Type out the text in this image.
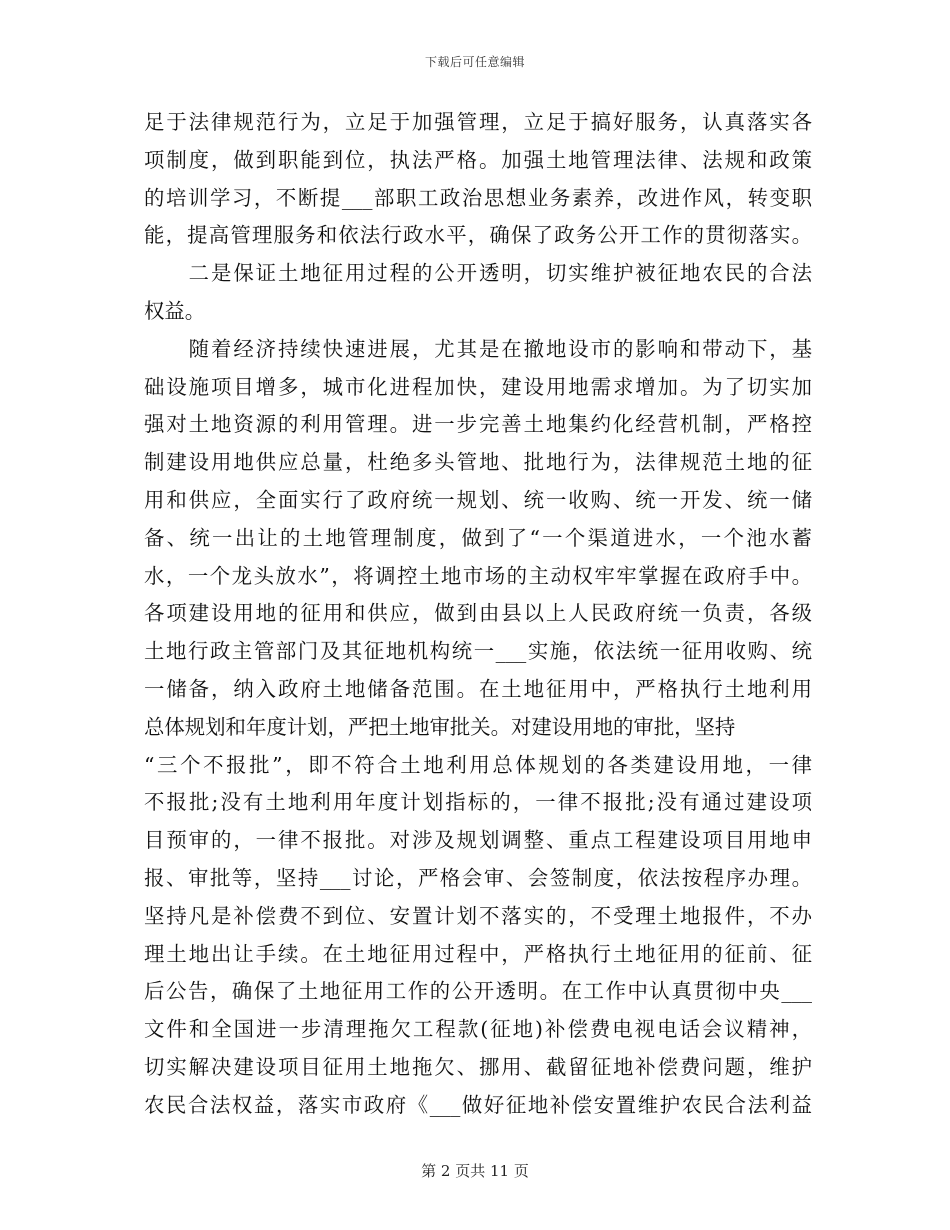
下载后可任意编辑
足于法律规范行为，立足于加强管理，立足于搞好服务，认真落实各
项制度，做到职能到位，执法严格。加强土地管理法律、法规和政策
的培训学习，不断提___部职工政治思想业务素养，改进作风，转变职
能，提高管理服务和依法行政水平，确保了政务公开工作的贯彻落实。
　　二是保证土地征用过程的公开透明，切实维护被征地农民的合法
权益。
　　随着经济持续快速进展，尤其是在撤地设市的影响和带动下，基
础设施项目增多，城市化进程加快，建设用地需求增加。为了切实加
强对土地资源的利用管理。进一步完善土地集约化经营机制，严格控
制建设用地供应总量，杜绝多头管地、批地行为，法律规范土地的征
用和供应，全面实行了政府统一规划、统一收购、统一开发、统一储
备、统一出让的土地管理制度，做到了“一个渠道进水，一个池水蓄
水，一个龙头放水”，将调控土地市场的主动权牢牢掌握在政府手中。
各项建设用地的征用和供应，做到由县以上人民政府统一负责，各级
土地行政主管部门及其征地机构统一___实施，依法统一征用收购、统
一储备，纳入政府土地储备范围。在土地征用中，严格执行土地利用
总体规划和年度计划，严把土地审批关。对建设用地的审批，坚持
“三个不报批”，即不符合土地利用总体规划的各类建设用地，一律
不报批;没有土地利用年度计划指标的，一律不报批;没有通过建设项
目预审的，一律不报批。对涉及规划调整、重点工程建设项目用地申
报、审批等，坚持___讨论，严格会审、会签制度，依法按程序办理。
坚持凡是补偿费不到位、安置计划不落实的，不受理土地报件，不办
理土地出让手续。在土地征用过程中，严格执行土地征用的征前、征
后公告，确保了土地征用工作的公开透明。在工作中认真贯彻中央___
文件和全国进一步清理拖欠工程款(征地)补偿费电视电话会议精神，
切实解决建设项目征用土地拖欠、挪用、截留征地补偿费问题，维护
农民合法权益，落实市政府《___做好征地补偿安置维护农民合法利益
第 2 页共 11 页
